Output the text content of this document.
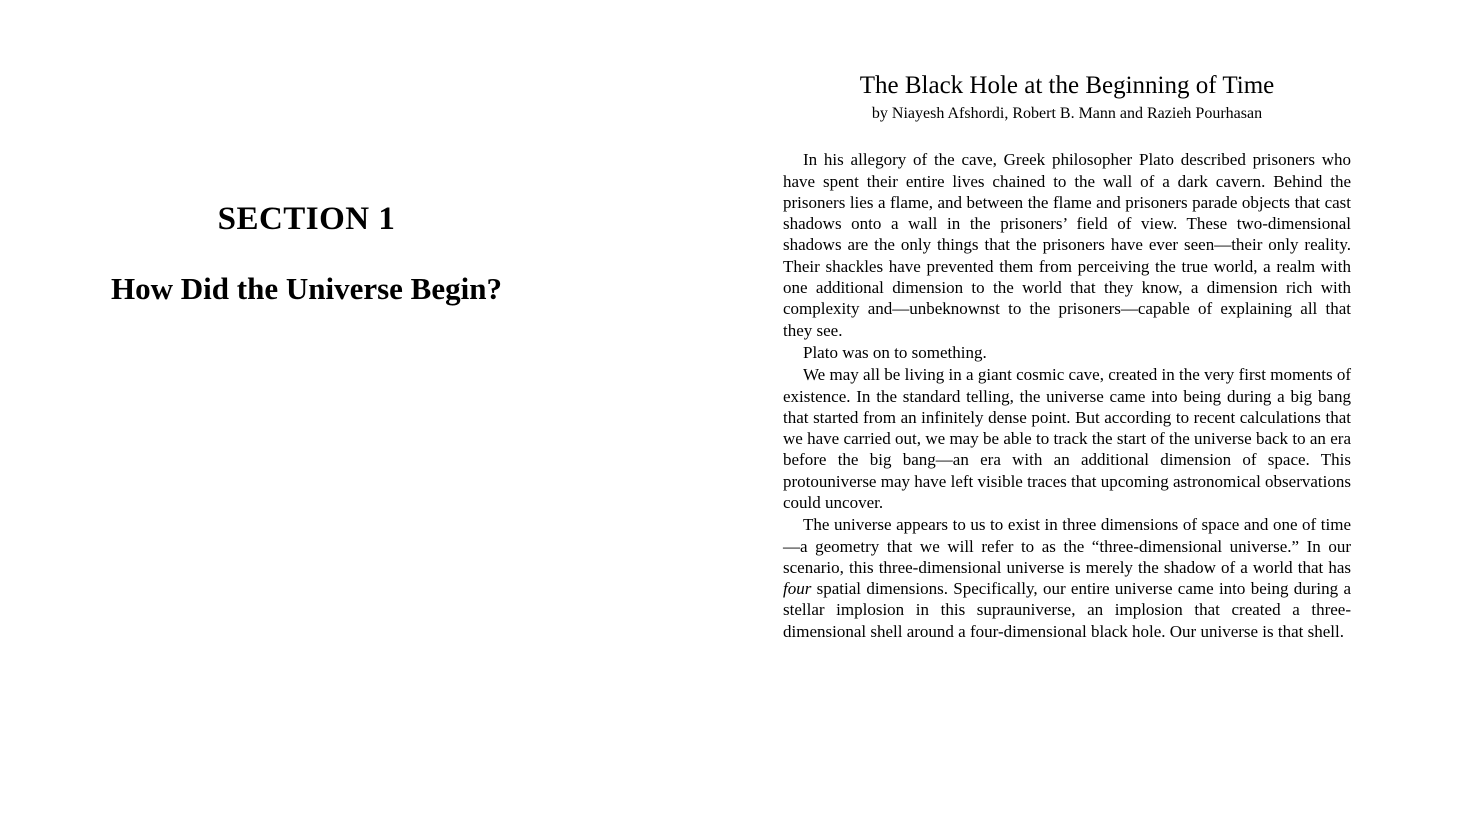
SECTION 1
How Did the Universe Begin?
The Black Hole at the Beginning of Time
by Niayesh Afshordi, Robert B. Mann and Razieh Pourhasan

In his allegory of the cave, Greek philosopher Plato described prisoners who have spent their entire lives chained to the wall of a dark cavern. Behind the prisoners lies a flame, and between the flame and prisoners parade objects that cast shadows onto a wall in the prisoners’ field of view. These two-dimensional shadows are the only things that the prisoners have ever seen—their only reality. Their shackles have prevented them from perceiving the true world, a realm with one additional dimension to the world that they know, a dimension rich with complexity and—unbeknownst to the prisoners—capable of explaining all that they see.

Plato was on to something.

We may all be living in a giant cosmic cave, created in the very first moments of existence. In the standard telling, the universe came into being during a big bang that started from an infinitely dense point. But according to recent calculations that we have carried out, we may be able to track the start of the universe back to an era before the big bang—an era with an additional dimension of space. This protouniverse may have left visible traces that upcoming astronomical observations could uncover.

The universe appears to us to exist in three dimensions of space and one of time—a geometry that we will refer to as the “three-dimensional universe.” In our scenario, this three-dimensional universe is merely the shadow of a world that has four spatial dimensions. Specifically, our entire universe came into being during a stellar implosion in this suprauniverse, an implosion that created a three-dimensional shell around a four-dimensional black hole. Our universe is that shell.
